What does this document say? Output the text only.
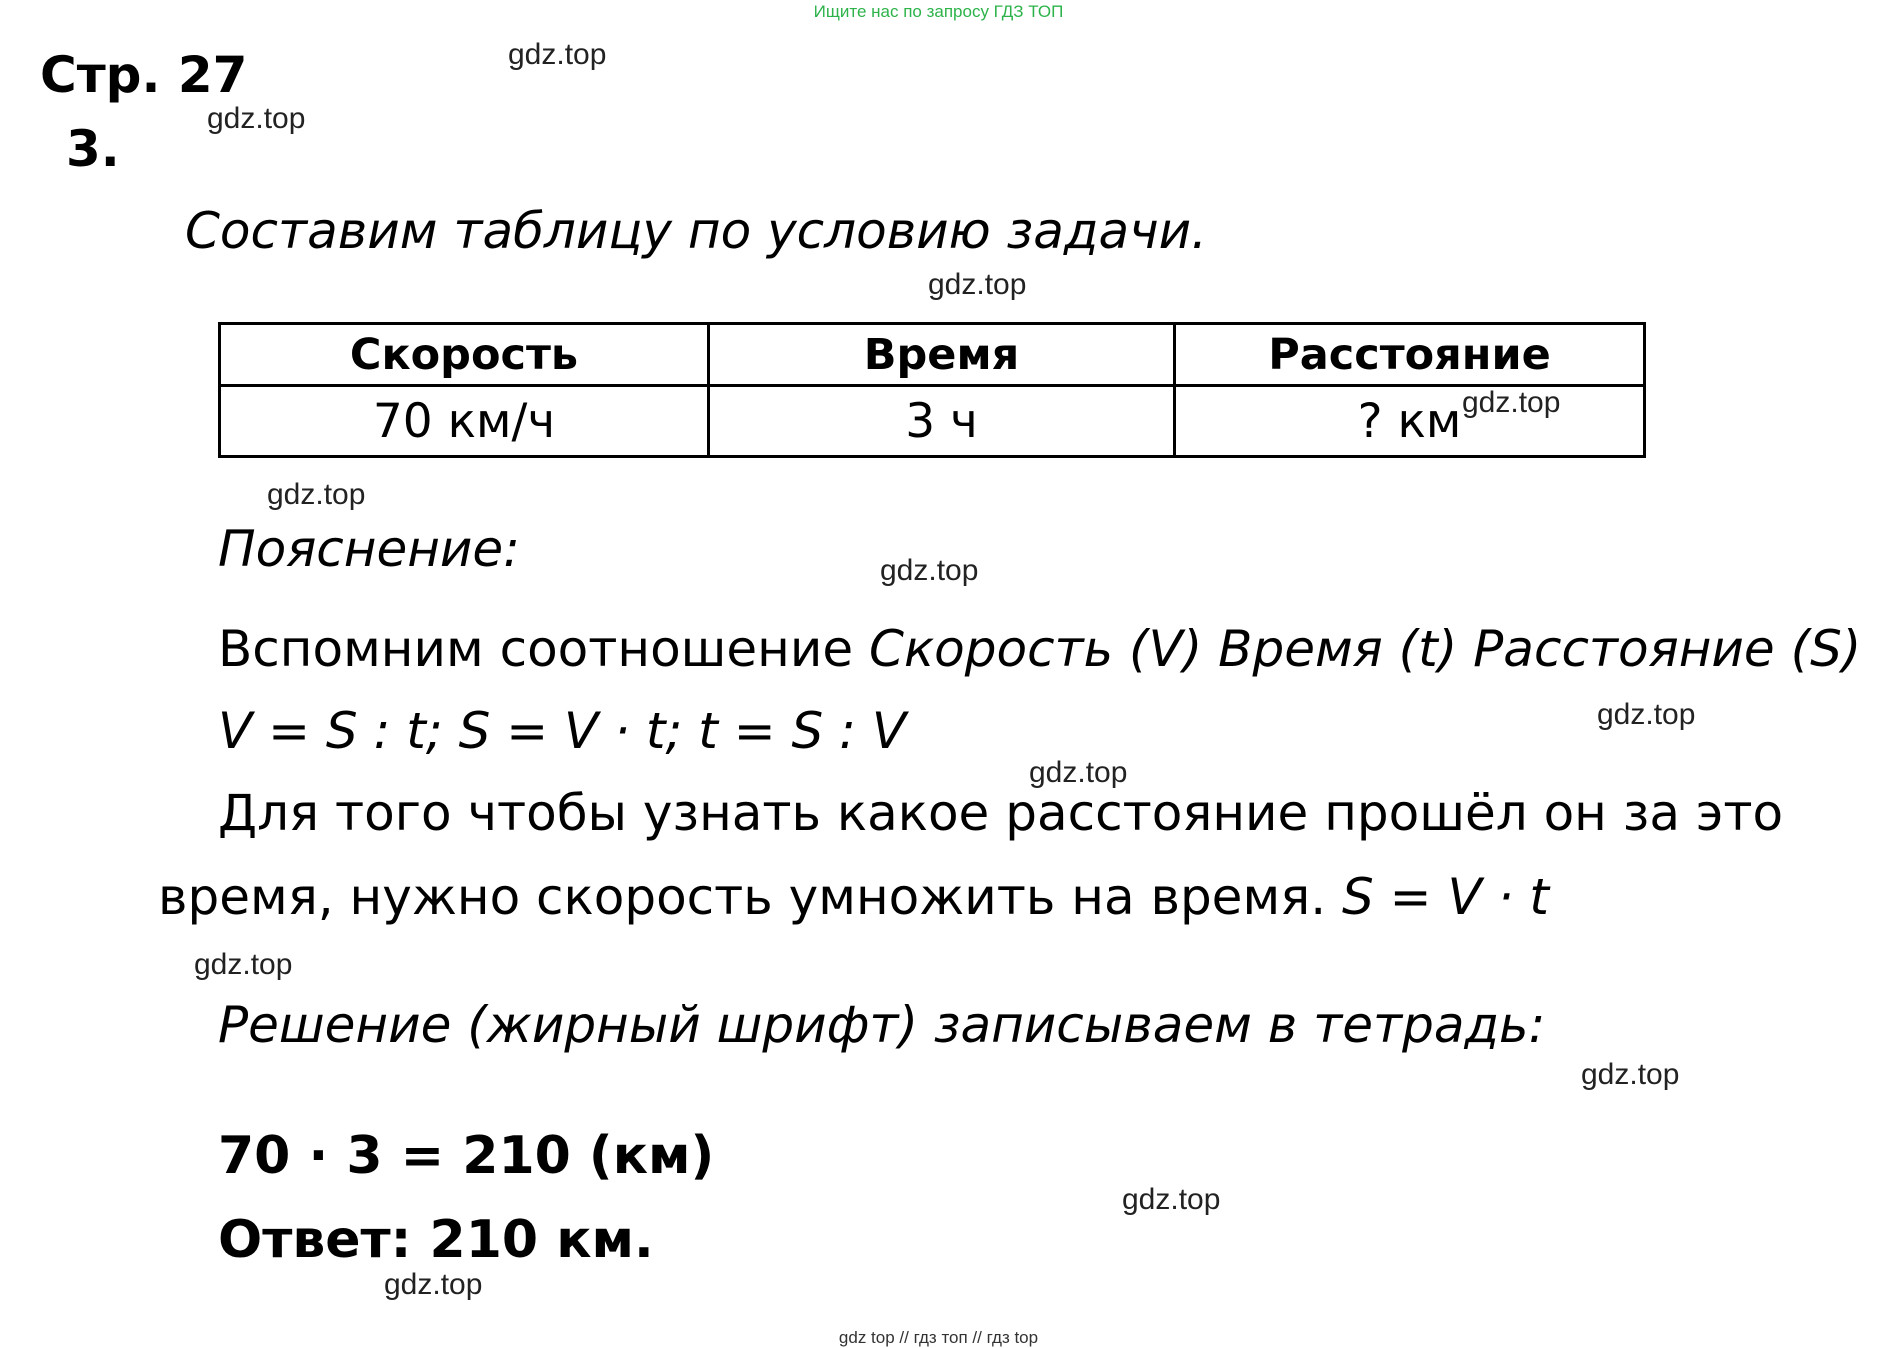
Ищите нас по запросу ГДЗ ТОП
Стр. 27
3.
Составим таблицу по условию задачи.
Скорость	Время	Расстояние
70 км/ч	3 ч	? км
Пояснение:
Вспомним соотношение Скорость (V) Время (t) Расстояние (S)
V = S : t; S = V · t; t = S : V
Для того чтобы узнать какое расстояние прошёл он за это
время, нужно скорость умножить на время. S = V · t
Решение (жирный шрифт) записываем в тетрадь:
70 · 3 = 210 (км)
Ответ: 210 км.
gdz.top
gdz.top
gdz.top
gdz.top
gdz.top
gdz.top
gdz.top
gdz.top
gdz.top
gdz.top
gdz.top
gdz.top
gdz top // гдз топ // гдз top
